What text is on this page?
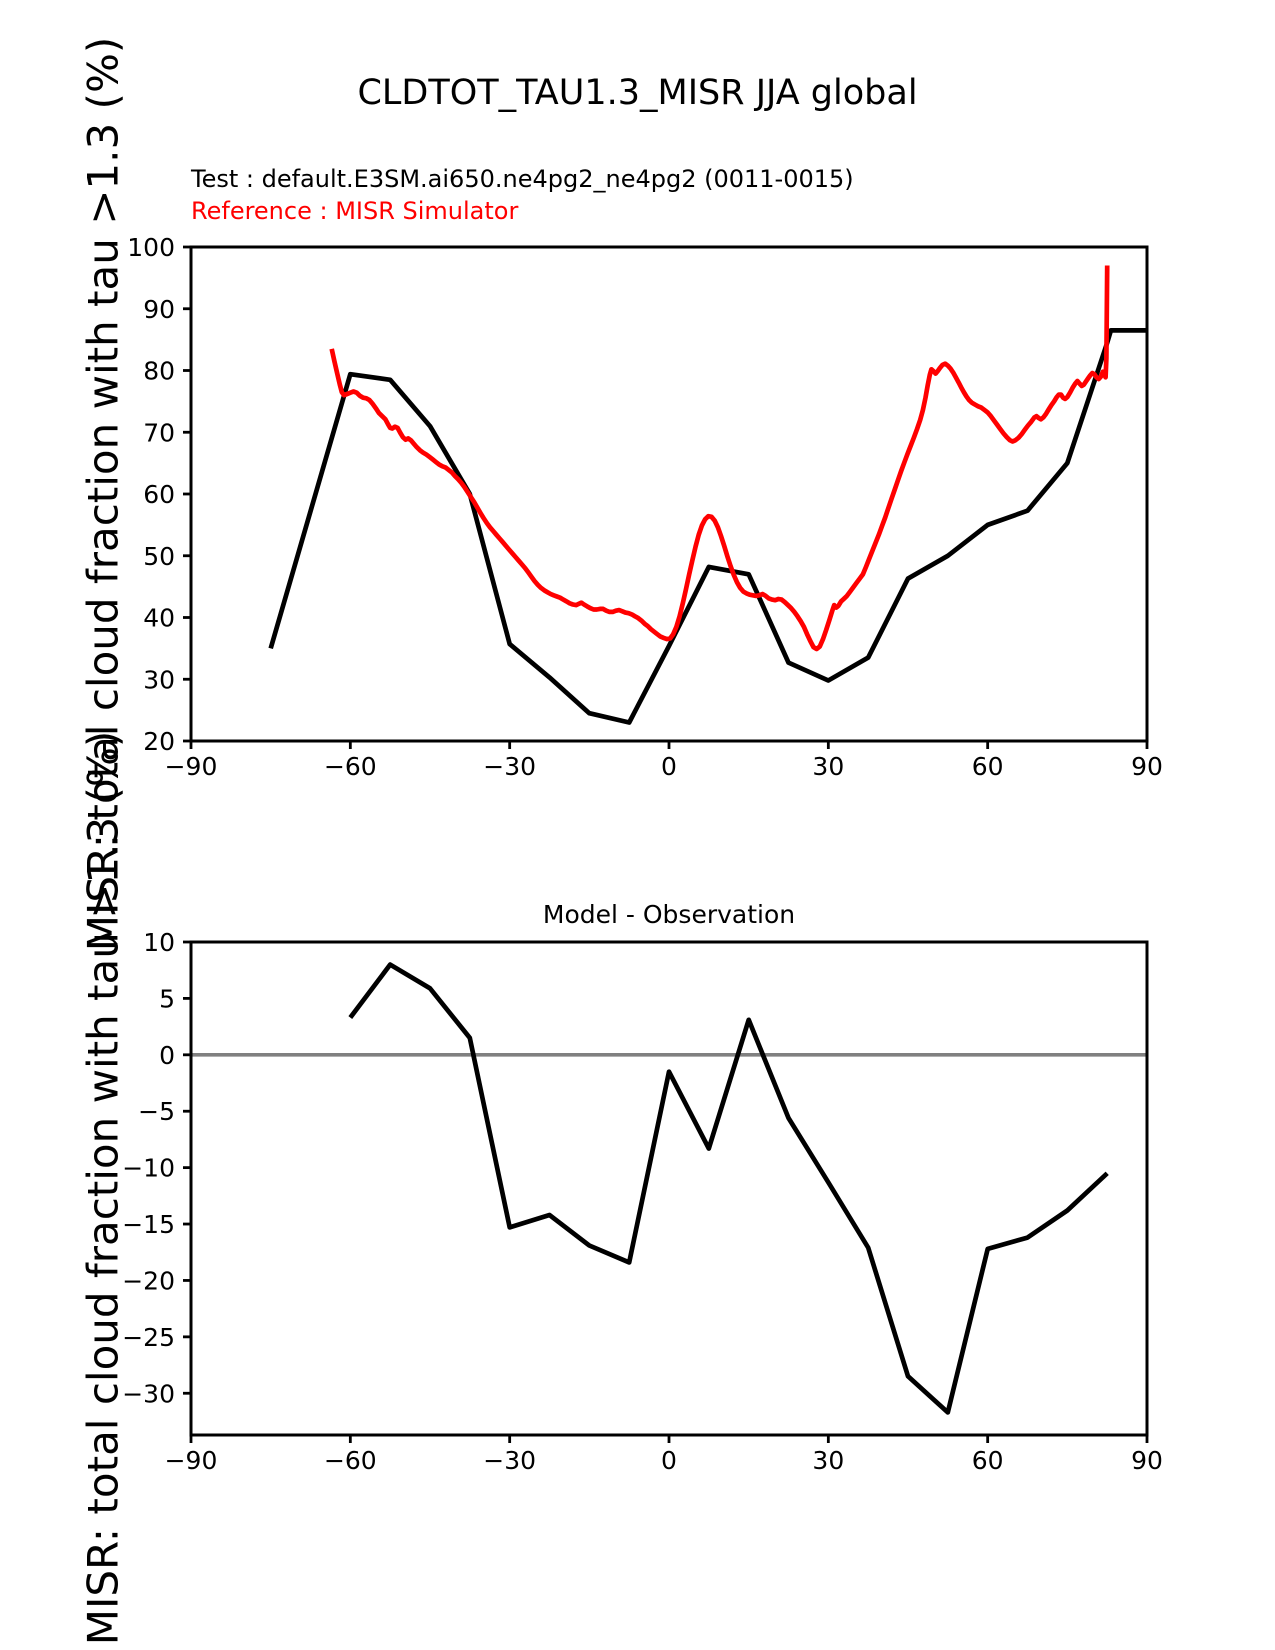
CLDTOT_TAU1.3_MISR JJA global
Test : default.E3SM.ai650.ne4pg2_ne4pg2 (0011-0015)
Reference : MISR Simulator
MISR: total cloud fraction with tau >1.3 (%)
MISR: total cloud fraction with tau >1.3 (%)	Model - Observation
−90	−60	−30	0	30	60	90
20
30
40
50
60
70
80
90
100
−90	−60	−30	0	30	60	90
10
5
0
−5
−10
−15
−20
−25
−30
